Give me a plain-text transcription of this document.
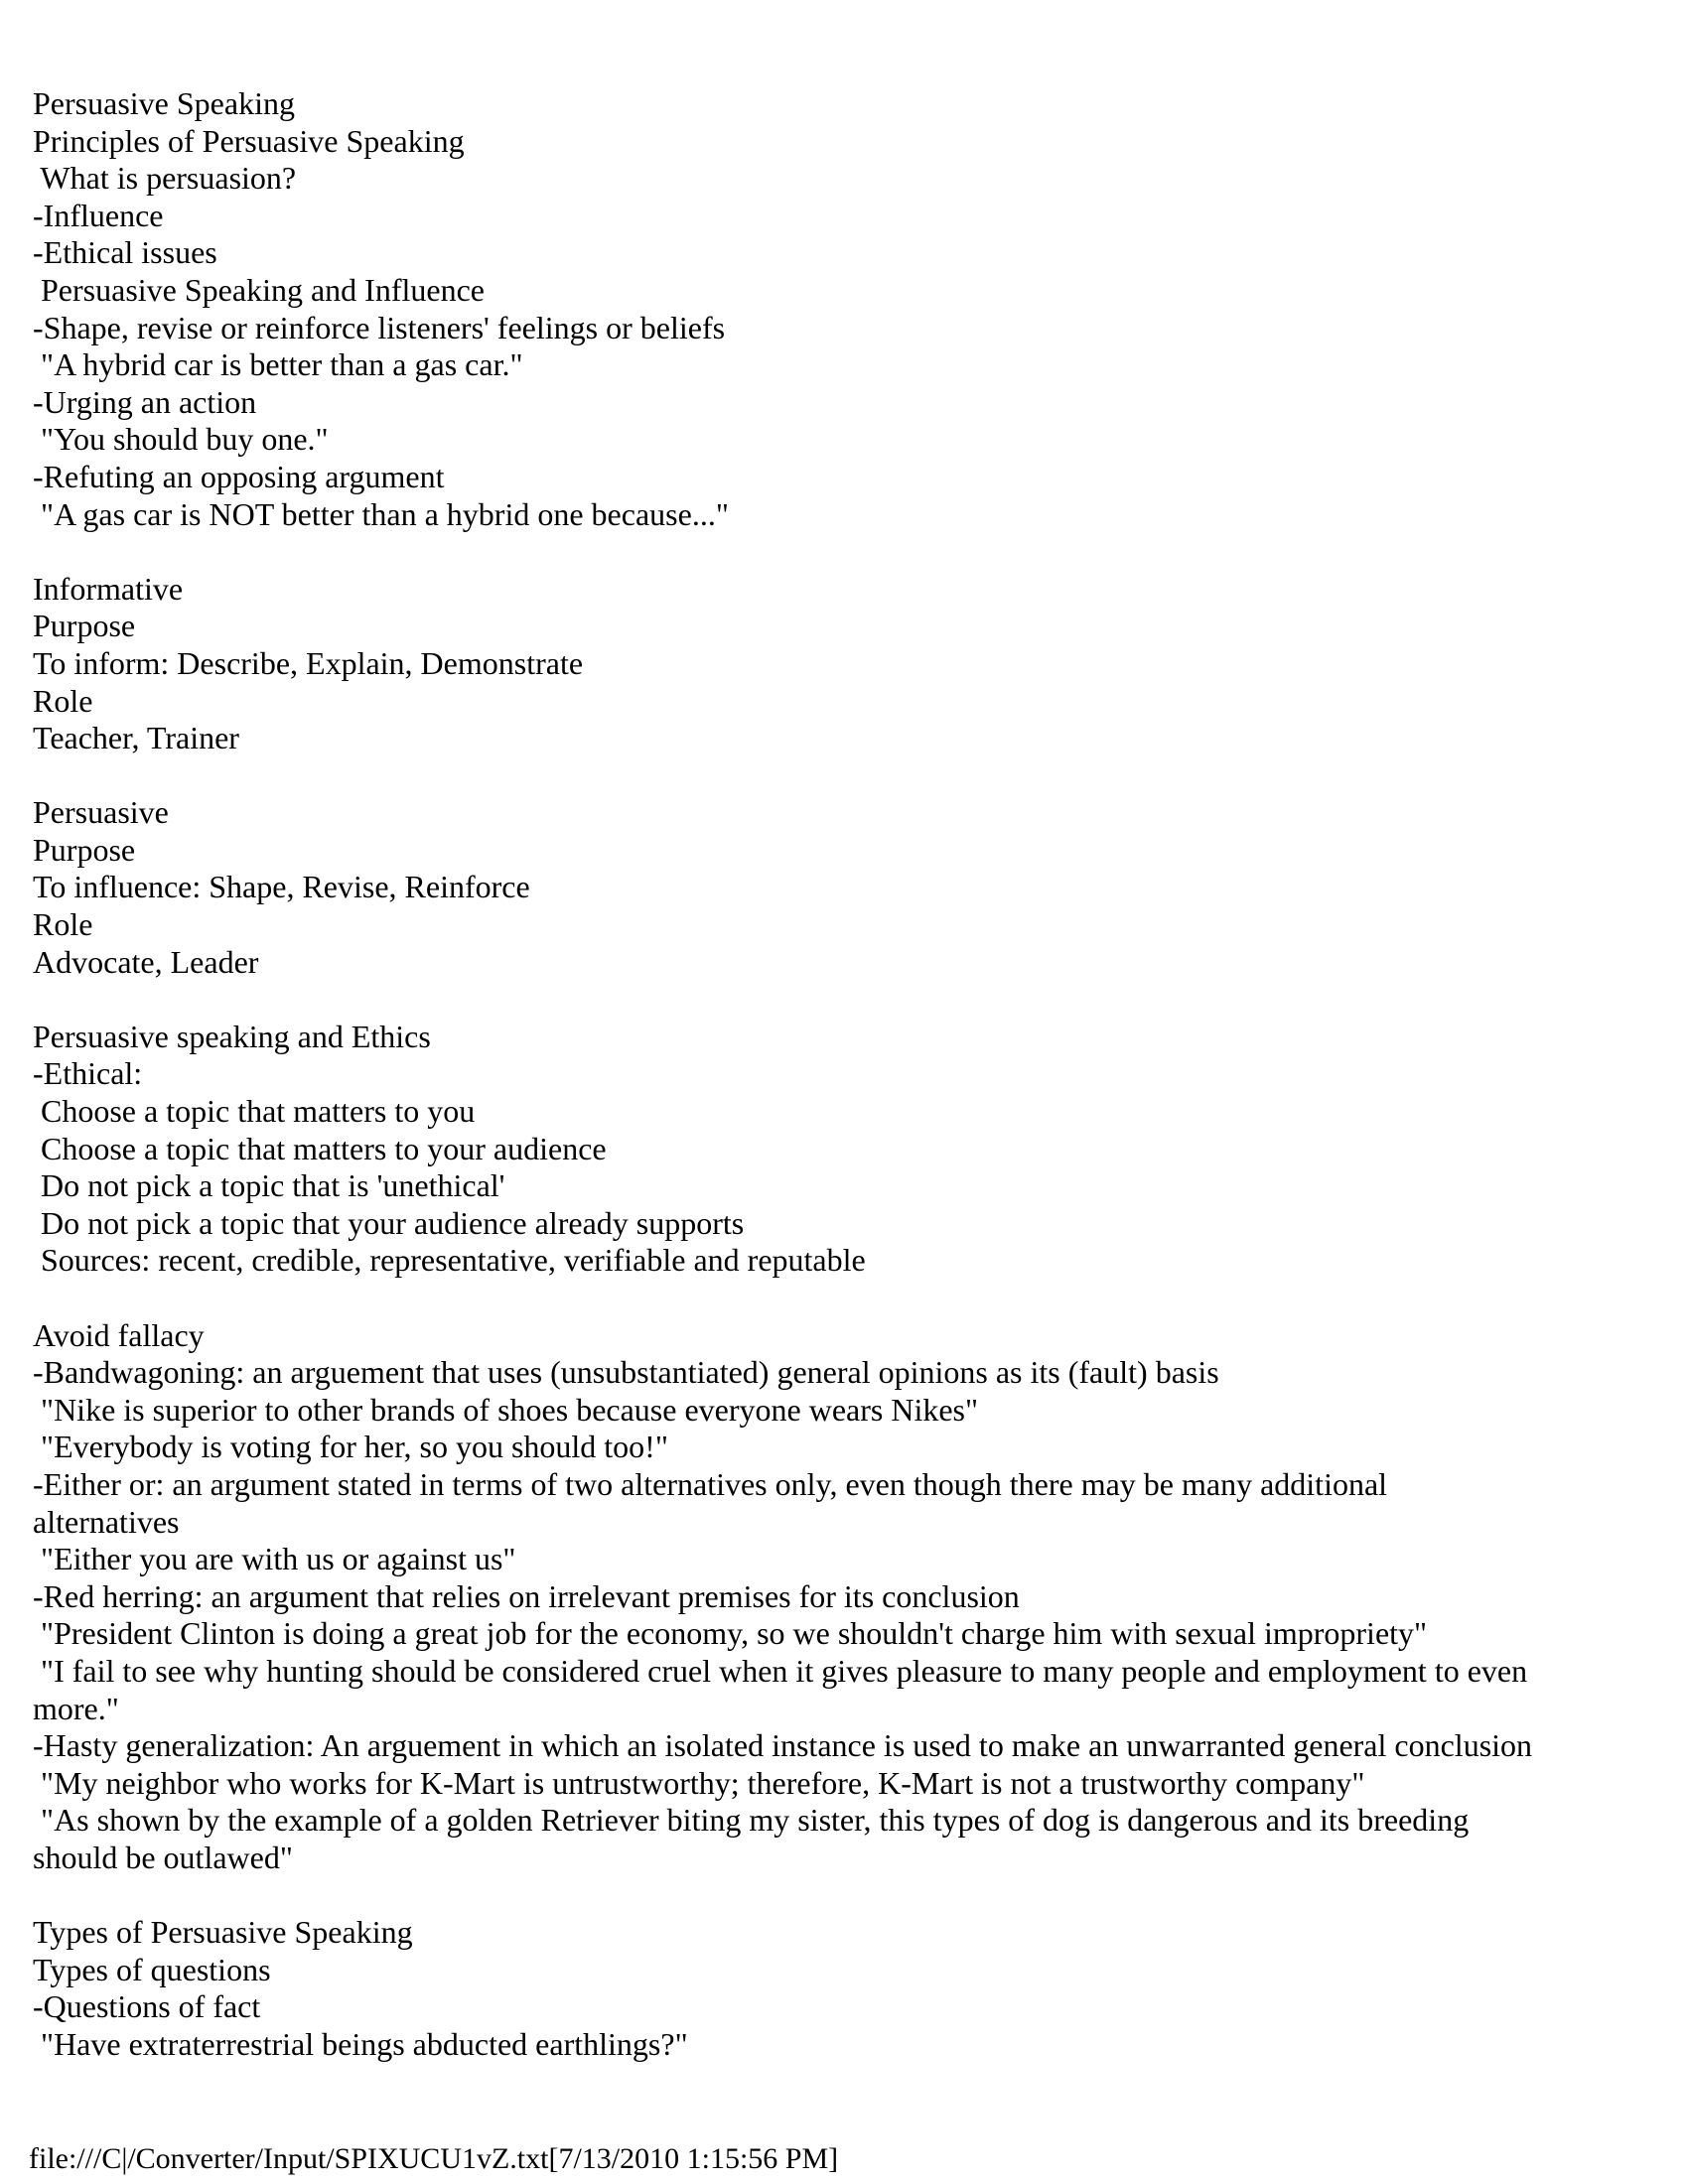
Persuasive Speaking
Principles of Persuasive Speaking
What is persuasion?
-Influence
-Ethical issues
Persuasive Speaking and Influence
-Shape, revise or reinforce listeners' feelings or beliefs
"A hybrid car is better than a gas car."
-Urging an action
"You should buy one."
-Refuting an opposing argument
"A gas car is NOT better than a hybrid one because..."
Informative
Purpose
To inform: Describe, Explain, Demonstrate
Role
Teacher, Trainer
Persuasive
Purpose
To influence: Shape, Revise, Reinforce
Role
Advocate, Leader
Persuasive speaking and Ethics
-Ethical:
Choose a topic that matters to you
Choose a topic that matters to your audience
Do not pick a topic that is 'unethical'
Do not pick a topic that your audience already supports
Sources: recent, credible, representative, verifiable and reputable
Avoid fallacy
-Bandwagoning: an arguement that uses (unsubstantiated) general opinions as its (fault) basis
"Nike is superior to other brands of shoes because everyone wears Nikes"
"Everybody is voting for her, so you should too!"
-Either or: an argument stated in terms of two alternatives only, even though there may be many additional
alternatives
"Either you are with us or against us"
-Red herring: an argument that relies on irrelevant premises for its conclusion
"President Clinton is doing a great job for the economy, so we shouldn't charge him with sexual impropriety"
"I fail to see why hunting should be considered cruel when it gives pleasure to many people and employment to even
more."
-Hasty generalization: An arguement in which an isolated instance is used to make an unwarranted general conclusion
"My neighbor who works for K-Mart is untrustworthy; therefore, K-Mart is not a trustworthy company"
"As shown by the example of a golden Retriever biting my sister, this types of dog is dangerous and its breeding
should be outlawed"
Types of Persuasive Speaking
Types of questions
-Questions of fact
"Have extraterrestrial beings abducted earthlings?"
file:///C|/Converter/Input/SPIXUCU1vZ.txt[7/13/2010 1:15:56 PM]
